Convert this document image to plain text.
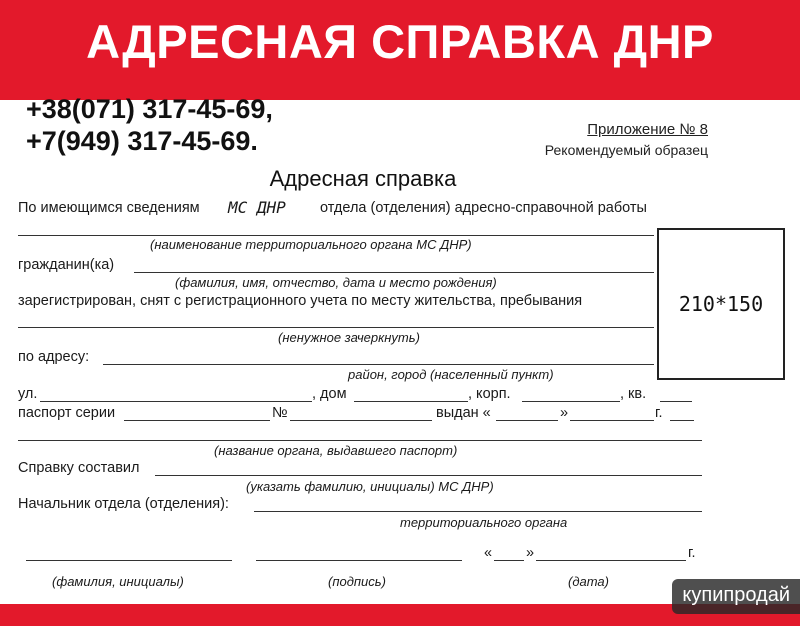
АДРЕСНАЯ СПРАВКА ДНР
+38(071) 317-45-69,
+7(949) 317-45-69.	Приложение № 8
Рекомендуемый образец
Адресная справка
По имеющимся сведениям МС ДНР отдела (отделения) адресно-справочной работы
(наименование территориального органа МС ДНР)
гражданин(ка)
(фамилия, имя, отчество, дата и место рождения)
зарегистрирован, снят с регистрационного учета по месту жительства, пребывания
(ненужное зачеркнуть)
по адресу:
район, город (населенный пункт)
ул.	, дом	, корп.	, кв.
паспорт серии	№	выдан «	»	г.
(название органа, выдавшего паспорт)
Справку составил
(указать фамилию, инициалы) МС ДНР)
Начальник отдела (отделения):
территориального органа
« »	г.
(фамилия, инициалы)	(подпись)	(дата)
210*150
купипродай
